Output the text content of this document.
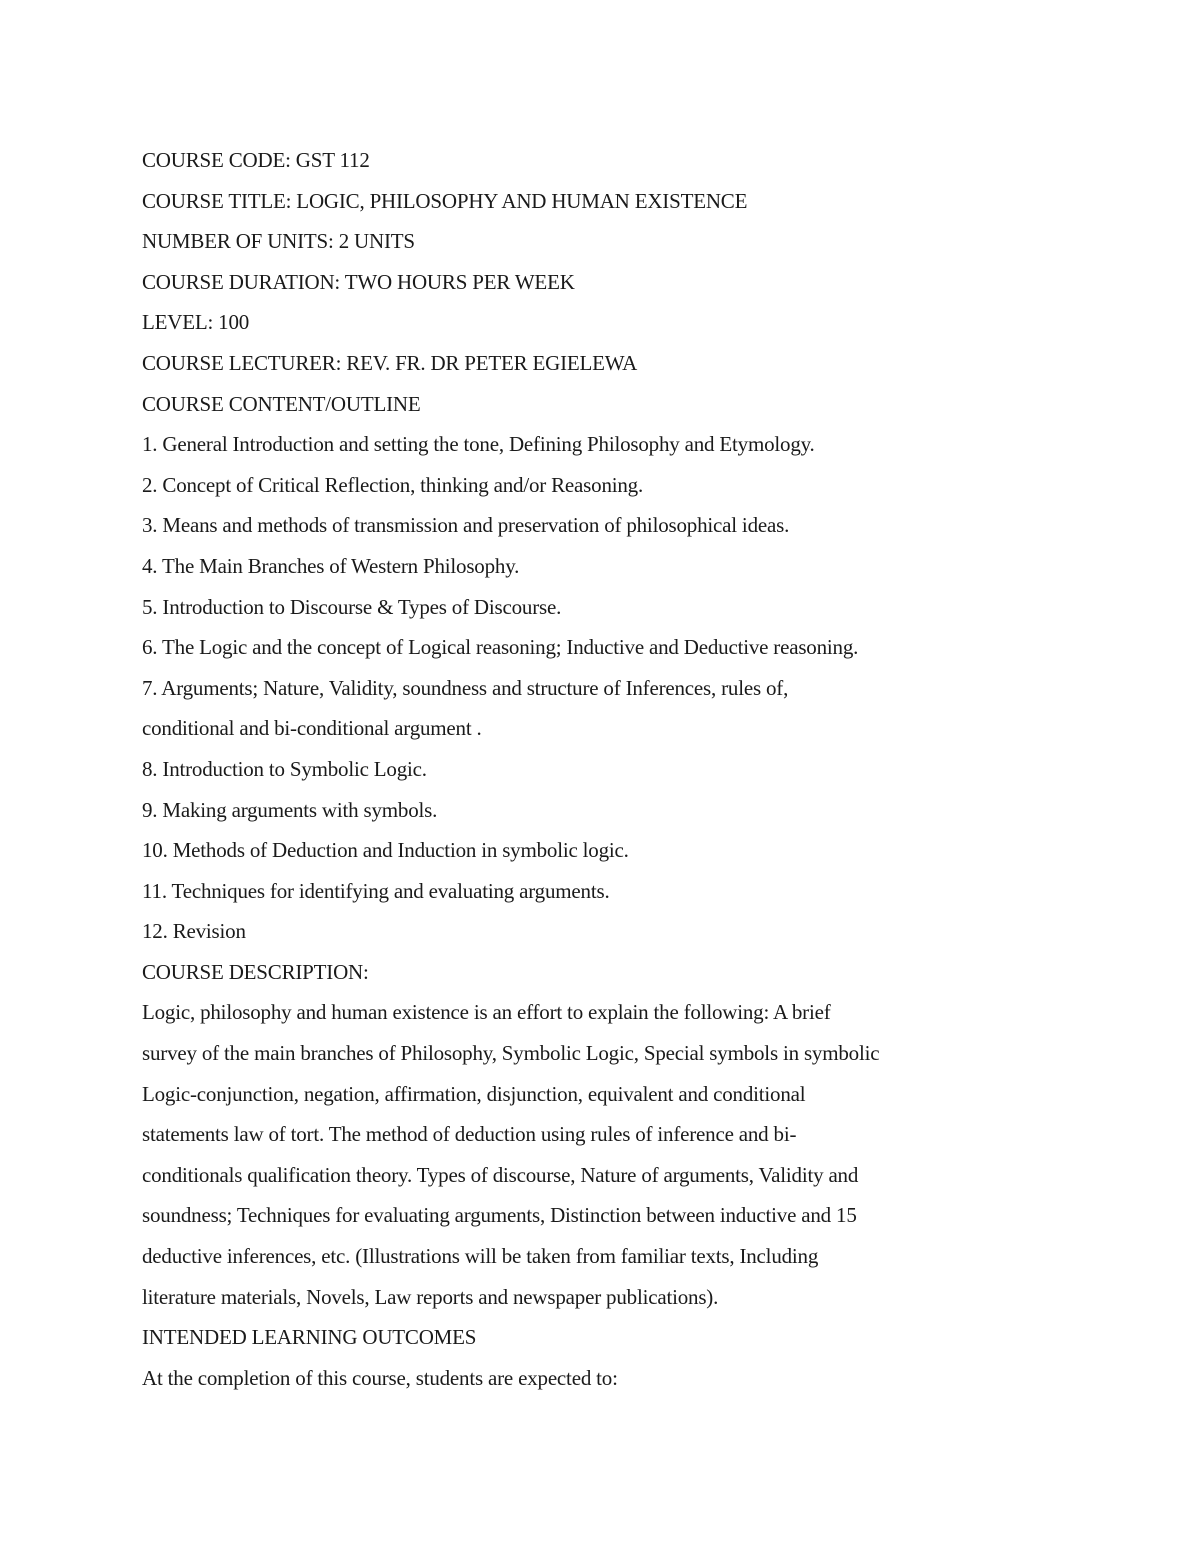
COURSE CODE: GST 112

COURSE TITLE: LOGIC, PHILOSOPHY AND HUMAN EXISTENCE

NUMBER OF UNITS: 2 UNITS

COURSE DURATION: TWO HOURS PER WEEK

LEVEL: 100

COURSE LECTURER: REV. FR. DR PETER EGIELEWA

COURSE CONTENT/OUTLINE

1. General Introduction and setting the tone, Defining Philosophy and Etymology.

2. Concept of Critical Reflection, thinking and/or Reasoning.

3. Means and methods of transmission and preservation of philosophical ideas.

4. The Main Branches of Western Philosophy.

5. Introduction to Discourse & Types of Discourse.

6. The Logic and the concept of Logical reasoning; Inductive and Deductive reasoning.

7. Arguments; Nature, Validity, soundness and structure of Inferences, rules of,

conditional and bi-conditional argument .

8. Introduction to Symbolic Logic.

9. Making arguments with symbols.

10. Methods of Deduction and Induction in symbolic logic.

11. Techniques for identifying and evaluating arguments.

12. Revision

COURSE DESCRIPTION:

Logic, philosophy and human existence is an effort to explain the following: A brief

survey of the main branches of Philosophy, Symbolic Logic, Special symbols in symbolic

Logic-conjunction, negation, affirmation, disjunction, equivalent and conditional

statements law of tort. The method of deduction using rules of inference and bi-

conditionals qualification theory. Types of discourse, Nature of arguments, Validity and

soundness; Techniques for evaluating arguments, Distinction between inductive and 15

deductive inferences, etc. (Illustrations will be taken from familiar texts, Including

literature materials, Novels, Law reports and newspaper publications).

INTENDED LEARNING OUTCOMES

At the completion of this course, students are expected to:
